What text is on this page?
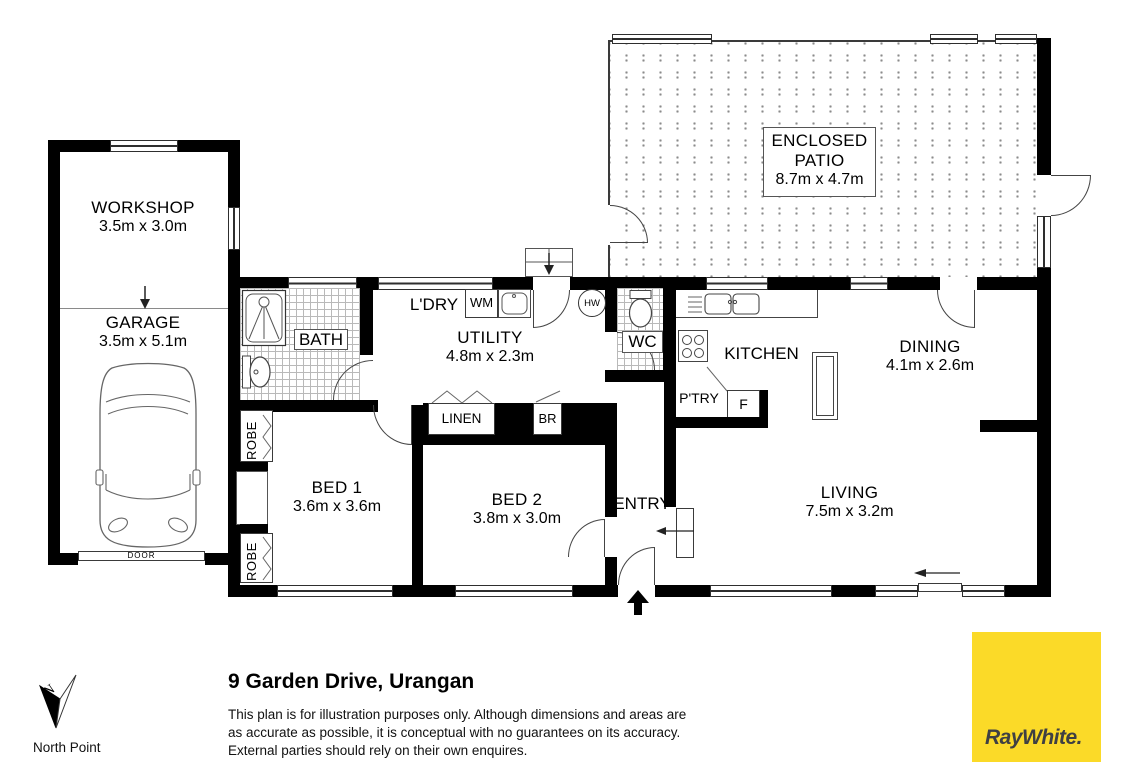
ENCLOSED
PATIO
8.7m x 4.7m
DOOR
WORKSHOP
3.5m x 3.0m
GARAGE
3.5m x 5.1m	BATH
L'DRY WM
UTILITY
4.8m x 2.3m
LINEN	BR
ROBE
ROBE
BED 1
3.6m x 3.6m	BED 2
3.8m x 3.0m
WC
HW
KITCHEN
P'TRY	F
DINING
4.1m x 2.6m
LIVING
7.5m x 3.2m
ENTRY
N
North Point
9 Garden Drive, Urangan
This plan is for illustration purposes only. Although dimensions and areas are
as accurate as possible, it is conceptual with no guarantees on its accuracy.
External parties should rely on their own enquires.
RayWhite.
